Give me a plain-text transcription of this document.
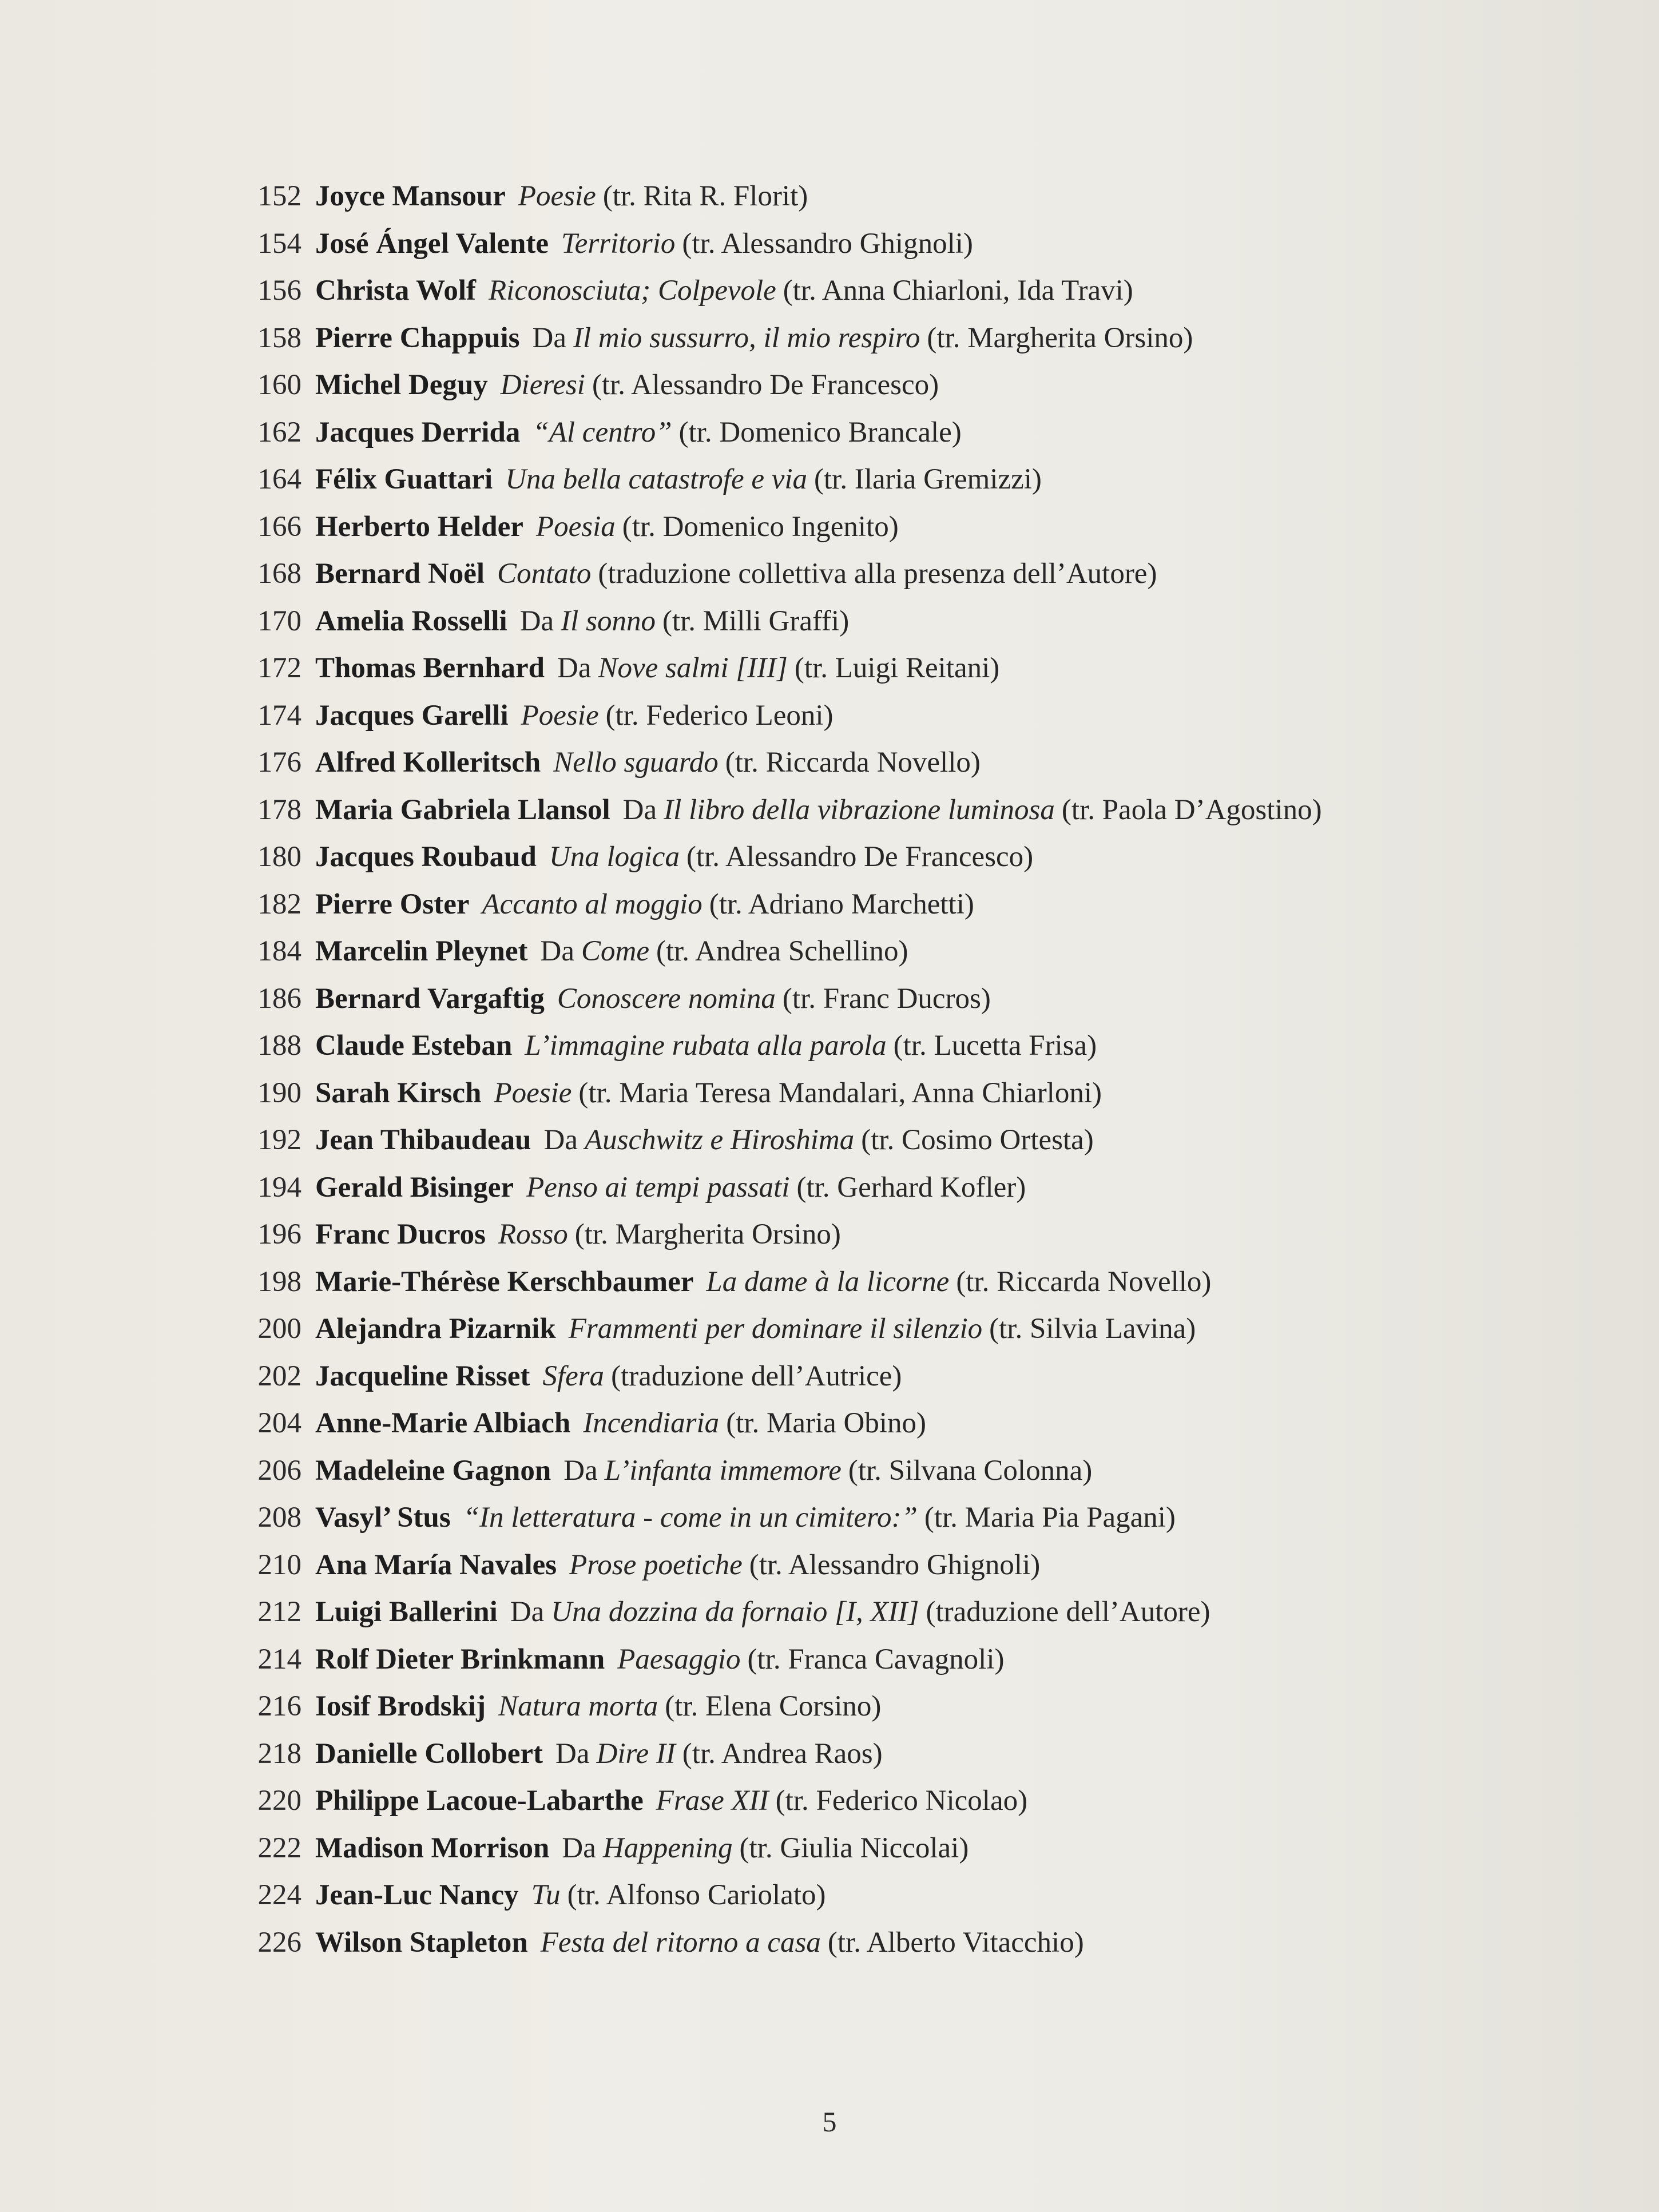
152 Joyce Mansour Poesie (tr. Rita R. Florit)
154 José Ángel Valente Territorio (tr. Alessandro Ghignoli)
156 Christa Wolf Riconosciuta; Colpevole (tr. Anna Chiarloni, Ida Travi)
158 Pierre Chappuis Da Il mio sussurro, il mio respiro (tr. Margherita Orsino)
160 Michel Deguy Dieresi (tr. Alessandro De Francesco)
162 Jacques Derrida “Al centro” (tr. Domenico Brancale)
164 Félix Guattari Una bella catastrofe e via (tr. Ilaria Gremizzi)
166 Herberto Helder Poesia (tr. Domenico Ingenito)
168 Bernard Noël Contato (traduzione collettiva alla presenza dell’Autore)
170 Amelia Rosselli Da Il sonno (tr. Milli Graffi)
172 Thomas Bernhard Da Nove salmi [III] (tr. Luigi Reitani)
174 Jacques Garelli Poesie (tr. Federico Leoni)
176 Alfred Kolleritsch Nello sguardo (tr. Riccarda Novello)
178 Maria Gabriela Llansol Da Il libro della vibrazione luminosa (tr. Paola D’Agostino)
180 Jacques Roubaud Una logica (tr. Alessandro De Francesco)
182 Pierre Oster Accanto al moggio (tr. Adriano Marchetti)
184 Marcelin Pleynet Da Come (tr. Andrea Schellino)
186 Bernard Vargaftig Conoscere nomina (tr. Franc Ducros)
188 Claude Esteban L’immagine rubata alla parola (tr. Lucetta Frisa)
190 Sarah Kirsch Poesie (tr. Maria Teresa Mandalari, Anna Chiarloni)
192 Jean Thibaudeau Da Auschwitz e Hiroshima (tr. Cosimo Ortesta)
194 Gerald Bisinger Penso ai tempi passati (tr. Gerhard Kofler)
196 Franc Ducros Rosso (tr. Margherita Orsino)
198 Marie-Thérèse Kerschbaumer La dame à la licorne (tr. Riccarda Novello)
200 Alejandra Pizarnik Frammenti per dominare il silenzio (tr. Silvia Lavina)
202 Jacqueline Risset Sfera (traduzione dell’Autrice)
204 Anne-Marie Albiach Incendiaria (tr. Maria Obino)
206 Madeleine Gagnon Da L’infanta immemore (tr. Silvana Colonna)
208 Vasyl’ Stus “In letteratura - come in un cimitero:” (tr. Maria Pia Pagani)
210 Ana María Navales Prose poetiche (tr. Alessandro Ghignoli)
212 Luigi Ballerini Da Una dozzina da fornaio [I, XII] (traduzione dell’Autore)
214 Rolf Dieter Brinkmann Paesaggio (tr. Franca Cavagnoli)
216 Iosif Brodskij Natura morta (tr. Elena Corsino)
218 Danielle Collobert Da Dire II (tr. Andrea Raos)
220 Philippe Lacoue-Labarthe Frase XII (tr. Federico Nicolao)
222 Madison Morrison Da Happening (tr. Giulia Niccolai)
224 Jean-Luc Nancy Tu (tr. Alfonso Cariolato)
226 Wilson Stapleton Festa del ritorno a casa (tr. Alberto Vitacchio)
5
